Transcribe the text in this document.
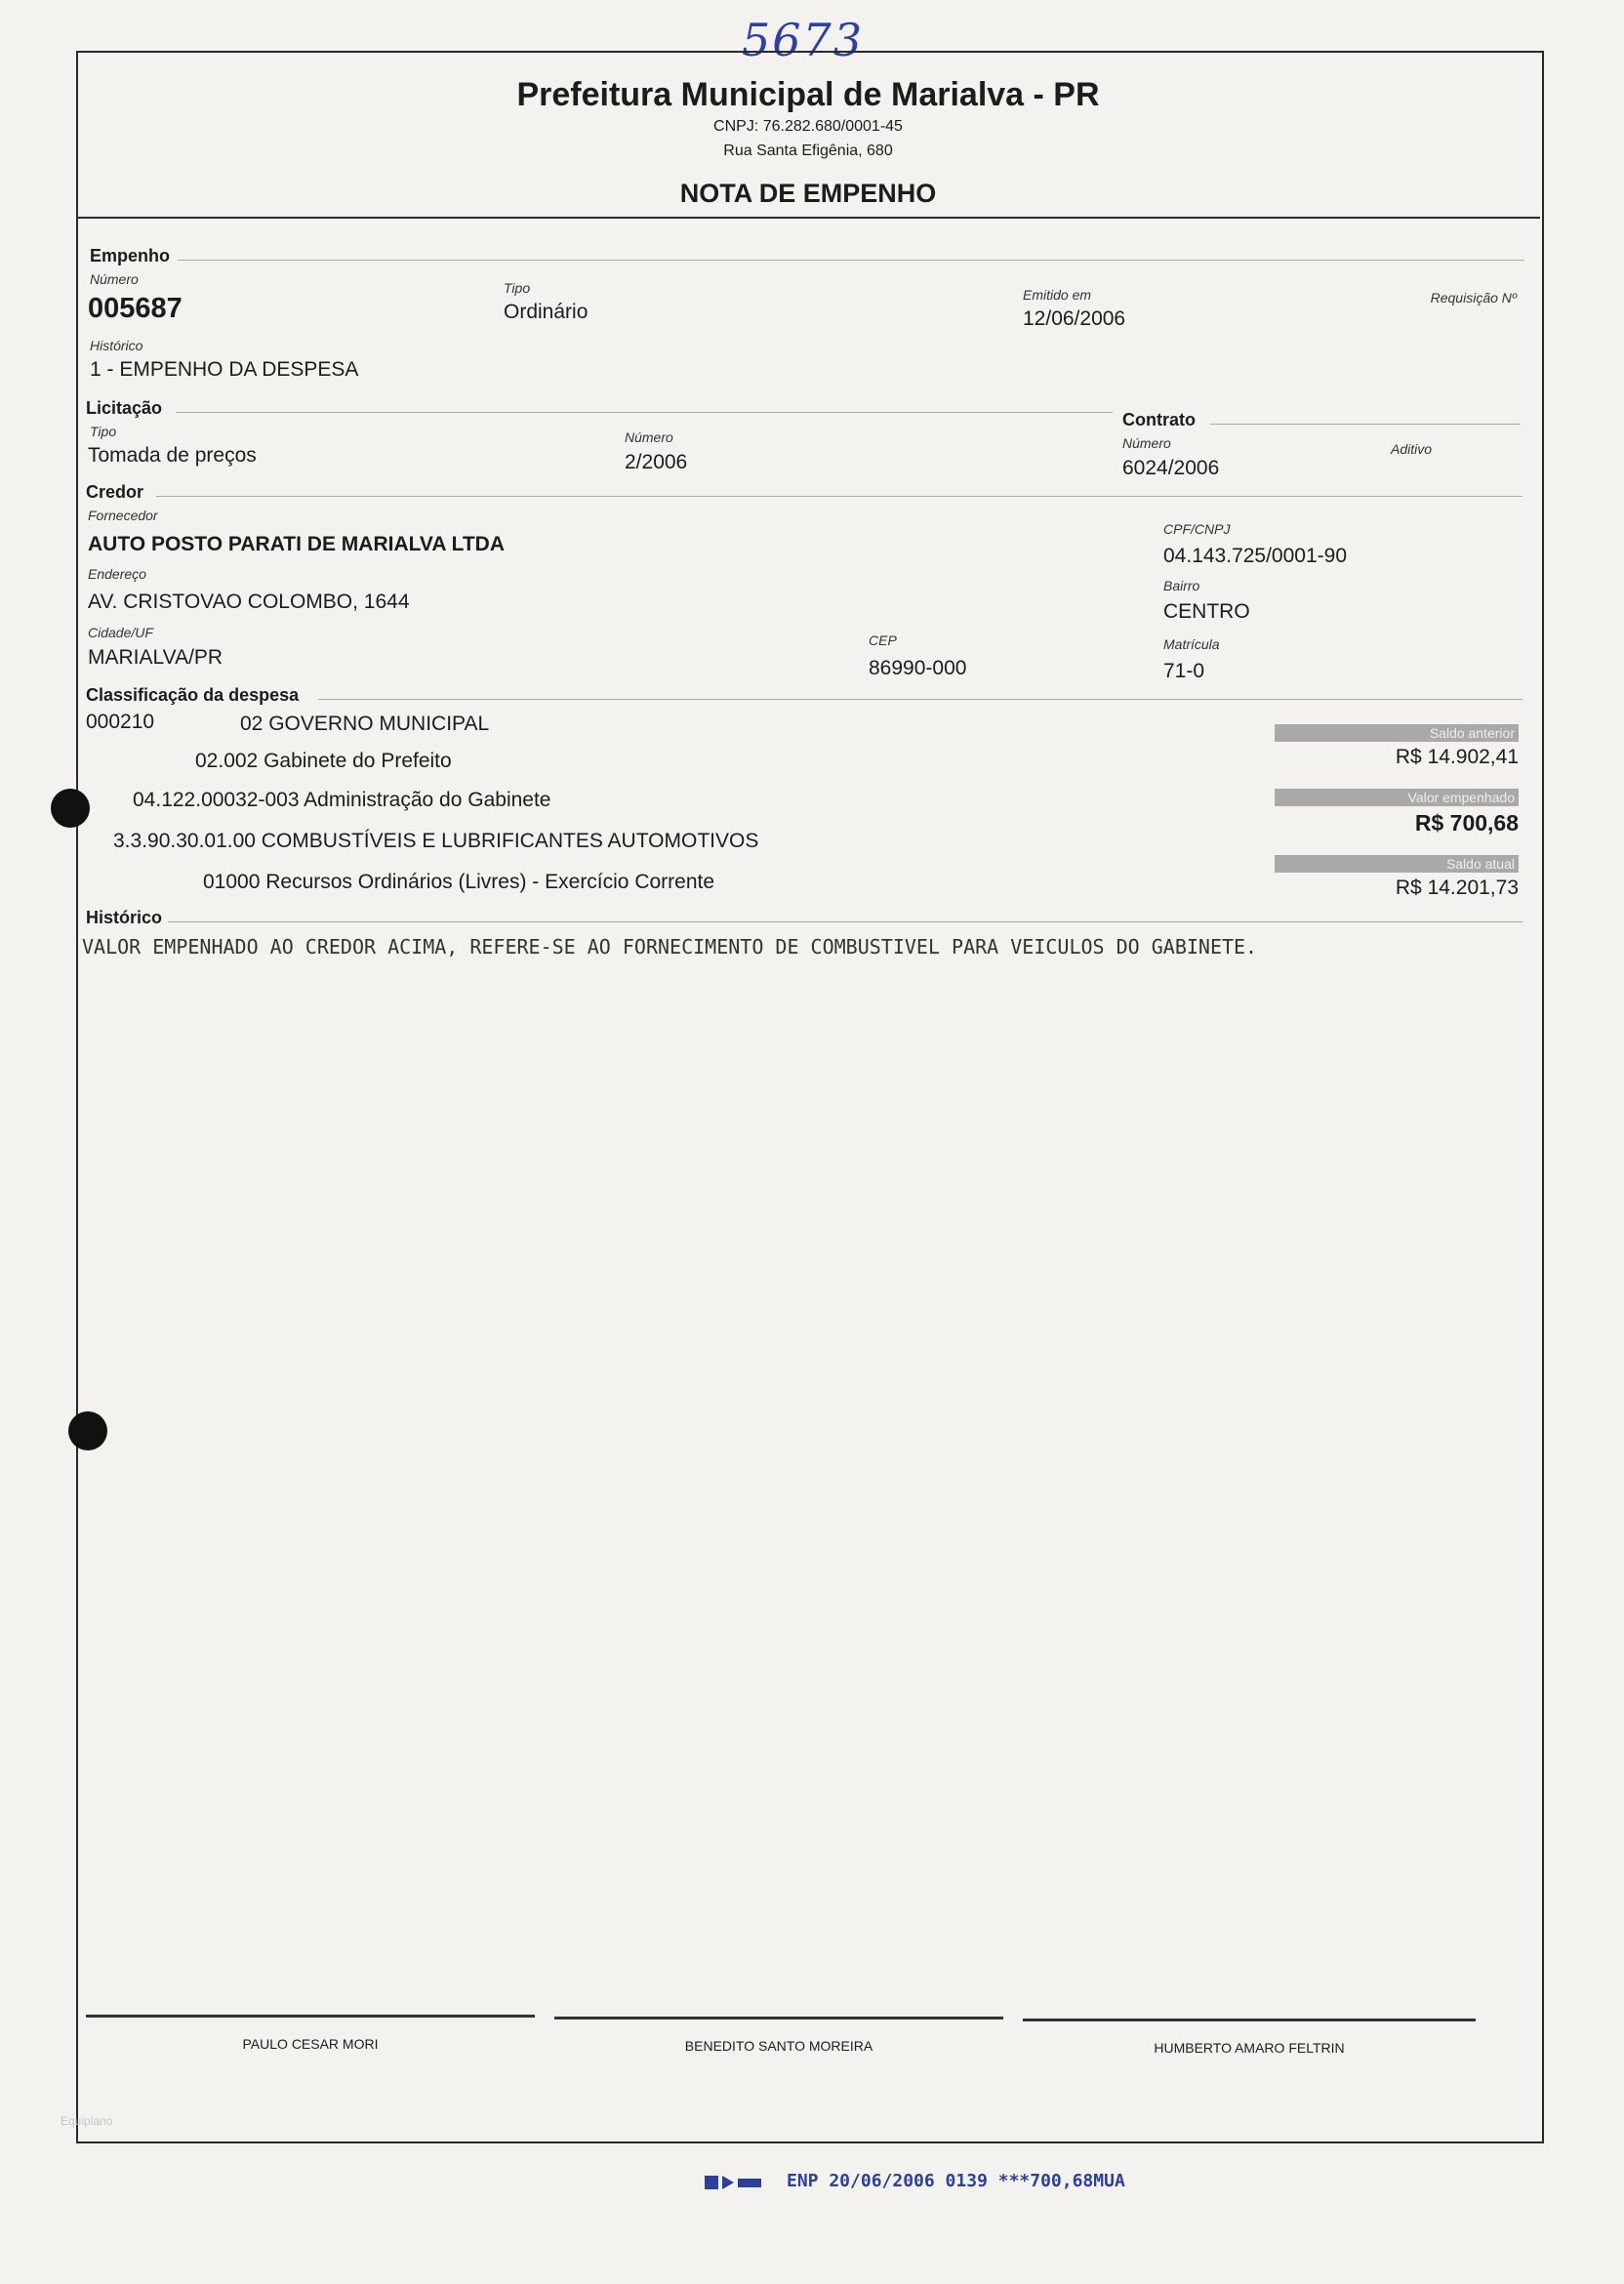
5673
Prefeitura Municipal de Marialva - PR
CNPJ: 76.282.680/0001-45
Rua Santa Efigênia, 680
NOTA DE EMPENHO
Empenho
Número
005687
Tipo
Ordinário
Emitido em
12/06/2006
Requisição Nº
Histórico
1 - EMPENHO DA DESPESA
Licitação
Tipo
Tomada de preços
Número
2/2006
Contrato
Número
6024/2006
Aditivo
Credor
Fornecedor
AUTO POSTO PARATI DE MARIALVA LTDA
CPF/CNPJ
04.143.725/0001-90
Endereço
AV. CRISTOVAO COLOMBO, 1644
Bairro
CENTRO
Cidade/UF
MARIALVA/PR
CEP
86990-000
Matrícula
71-0
Classificação da despesa
000210	02 GOVERNO MUNICIPAL
02.002 Gabinete do Prefeito
04.122.00032-003 Administração do Gabinete
3.3.90.30.01.00 COMBUSTÍVEIS E LUBRIFICANTES AUTOMOTIVOS
01000 Recursos Ordinários (Livres) - Exercício Corrente
Saldo anterior
R$ 14.902,41
Valor empenhado
R$ 700,68
Saldo atual
R$ 14.201,73
Histórico
VALOR EMPENHADO AO CREDOR ACIMA, REFERE-SE AO FORNECIMENTO DE COMBUSTIVEL PARA VEICULOS DO GABINETE.
PAULO CESAR MORI	BENEDITO SANTO MOREIRA	HUMBERTO AMARO FELTRIN
Equiplano
ENP 20/06/2006 0139 ***700,68MUA
